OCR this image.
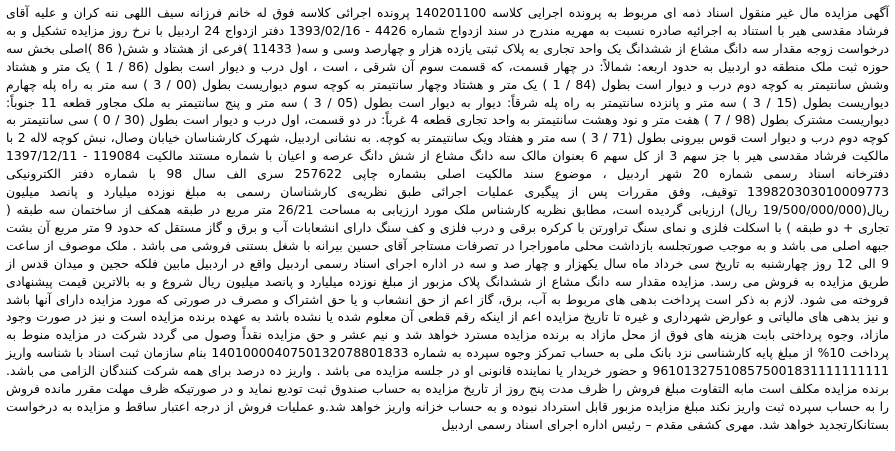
آگهی مزایده مال غیر منقول اسناد ذمه ای مربوط به پرونده اجرایی کلاسه 140201100 پرونده اجرائی کلاسه فوق له خانم فرزانه سیف اللهی ننه کران و علیه آقای فرشاد مقدسی هیر با استناد به اجرائیه صادره نسبت به مهریه مندرج در سند ازدواج شماره 4426 - 1393/02/16 دفتر ازدواج 24 اردبیل با نرخ روز مزایده تشکیل و به درخواست زوجه مقدار سه دانگ مشاع از ششدانگ یک واحد تجاری به پلاک ثبتی یازده هزار و چهارصد وسی و سه( 11433 )فرعی از هشتاد و شش( 86 )اصلی بخش سه حوزه ثبت ملک منطقه دو اردبیل به حدود اربعه: شمالاً: در چهار قسمت، که قسمت سوم آن شرقی ، است ، اول درب و دیوار است بطول (86 / 1 ) یک متر و هشتاد وشش سانتیمتر به کوچه دوم درب و دیوار است بطول (84 / 1 ) یک متر و هشتاد وچهار سانتیمتر به کوچه سوم دیواریست بطول (00 / 3 ) سه متر به راه پله چهارم دیواریست بطول (15 / 3 ) سه متر و پانزده سانتیمتر به راه پله شرقاً: دیوار به دیوار است بطول (05 / 3 ) سه متر و پنج سانتیمتر به ملک مجاور قطعه 11 جنوباً: دیواریست مشترک بطول (98 / 7 ) هفت متر و نود وهشت سانتیمتر به واحد تجاری قطعه 4 غرباً: در دو قسمت، اول درب و دیوار است بطول (30 / 0 ) سی سانتیمتر به کوچه دوم درب و دیوار است قوس بیرونی بطول (71 / 3 ) سه متر و هفتاد ویک سانتیمتر به کوچه. به نشانی اردبیل، شهرک کارشناسان خیابان وصال، نبش کوچه لاله 2 با مالکیت فرشاد مقدسی هیر با جز سهم 3 از کل سهم 6 بعنوان مالک سه دانگ مشاع از شش دانگ عرصه و اعیان با شماره مستند مالکیت 119084 - 1397/12/11 دفترخانه اسناد رسمی شماره 20 شهر اردبیل ، موضوع سند مالکیت اصلی بشماره چاپی 257622 سری الف سال 98 با شماره دفتر الکترونیکی 139820303010009773 توقیف، وفق مقررات پس از پیگیری عملیات اجرائی طبق نظریه‌ی کارشناسان رسمی به مبلغ نوزده میلیارد و پانصد میلیون ریال(19/500/000/000 ریال) ارزیابی گردیده است، مطابق نظریه کارشناس ملک مورد ارزیابی به مساحت 26/21 متر مربع در طبقه همکف از ساختمان سه طبقه ( تجاری + دو طبقه ) با اسکلت فلزی و نمای سنگ تراورتن با کرکره برقی و درب فلزی و کف سنگ دارای انشعابات آب و برق و گاز مستقل که حدود 9 متر مربع آن بشت جبهه اصلی می باشد و به موجب صورتجلسه بازداشت محلی مامور‌اجرا در تصرفات مستاجر آقای حسین بیرانه با شغل بستنی فروشی می باشد . ملک موصوف از ساعت 9 الی 12 روز چهارشنبه به تاریخ سی خرداد ماه سال یکهزار و چهار صد و سه در اداره اجرای اسناد رسمی اردبیل واقع در اردبیل مابین فلکه حجین و میدان قدس از طریق مزایده به فروش می رسد. مزایده مقدار سه دانگ مشاع از ششدانگ پلاک مزبور از مبلغ نوزده میلیارد و پانصد میلیون ریال شروع و به بالاترین قیمت پیشنهادی فروخته می شود. لازم به ذکر است پرداخت بدهی های مربوط به آب، برق، گاز اعم از حق انشعاب و یا حق اشتراک و مصرف در صورتی که مورد مزایده دارای آنها باشد و نیز بدهی های مالیاتی و عوارض شهرداری و غیره تا تاریخ مزایده اعم از اینکه رقم قطعی آن معلوم شده یا نشده باشد به عهده برنده مزایده است و نیز در صورت وجود مازاد، وجوه پرداختی بابت هزینه های فوق از محل مازاد به برنده مزایده مسترد خواهد شد و نیم عشر و حق مزایده نقداً وصول می گردد شرکت در مزایده منوط به پرداخت 10% از مبلغ پایه کارشناسی نزد بانک ملی به حساب تمرکز وجوه سپرده به شماره 1401000040750132078801833 بنام سازمان ثبت اسناد با شناسه واریز 961013275108575001831111111111 و حضور خریدار یا نماینده قانونی او در جلسه مزایده می باشد . واریز ده درصد برای همه شرکت کنندگان الزامی می باشد. برنده مزایده مکلف است مابه التفاوت مبلغ فروش را ظرف مدت پنج روز از تاریخ مزایده به حساب صندوق ثبت تودیع نماید و در صورتیکه ظرف مهلت مقرر مانده فروش را به حساب سپرده ثبت واریز نکند مبلغ مزایده مزبور قابل استرداد نبوده و به حساب خزانه واریز خواهد شد.و عملیات فروش از درجه اعتبار ساقط و مزایده به درخواست بستانکارتجدید خواهد شد. مهری کشفی مقدم – رئیس اداره اجرای اسناد رسمی اردبیل
